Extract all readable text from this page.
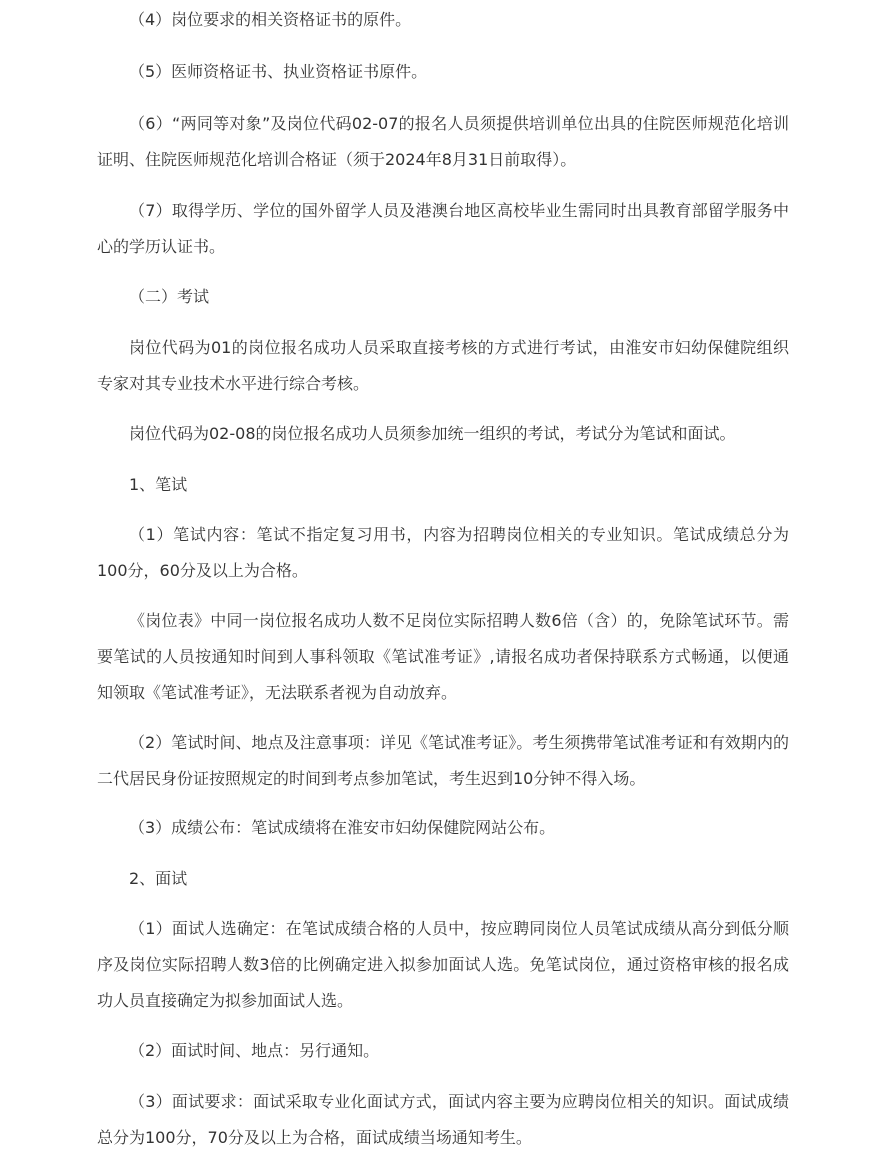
（4）岗位要求的相关资格证书的原件。

（5）医师资格证书、执业资格证书原件。

（6）“两同等对象”及岗位代码02-07的报名人员须提供培训单位出具的住院医师规范化培训证明、住院医师规范化培训合格证（须于2024年8月31日前取得）。

（7）取得学历、学位的国外留学人员及港澳台地区高校毕业生需同时出具教育部留学服务中心的学历认证书。

（二）考试

岗位代码为01的岗位报名成功人员采取直接考核的方式进行考试，由淮安市妇幼保健院组织专家对其专业技术水平进行综合考核。

岗位代码为02-08的岗位报名成功人员须参加统一组织的考试，考试分为笔试和面试。

1、笔试

（1）笔试内容：笔试不指定复习用书，内容为招聘岗位相关的专业知识。笔试成绩总分为100分，60分及以上为合格。

《岗位表》中同一岗位报名成功人数不足岗位实际招聘人数6倍（含）的，免除笔试环节。需要笔试的人员按通知时间到人事科领取《笔试准考证》,请报名成功者保持联系方式畅通，以便通知领取《笔试准考证》，无法联系者视为自动放弃。

（2）笔试时间、地点及注意事项：详见《笔试准考证》。考生须携带笔试准考证和有效期内的二代居民身份证按照规定的时间到考点参加笔试，考生迟到10分钟不得入场。

（3）成绩公布：笔试成绩将在淮安市妇幼保健院网站公布。

2、面试

（1）面试人选确定：在笔试成绩合格的人员中，按应聘同岗位人员笔试成绩从高分到低分顺序及岗位实际招聘人数3倍的比例确定进入拟参加面试人选。免笔试岗位，通过资格审核的报名成功人员直接确定为拟参加面试人选。

（2）面试时间、地点：另行通知。

（3）面试要求：面试采取专业化面试方式，面试内容主要为应聘岗位相关的知识。面试成绩总分为100分，70分及以上为合格，面试成绩当场通知考生。
